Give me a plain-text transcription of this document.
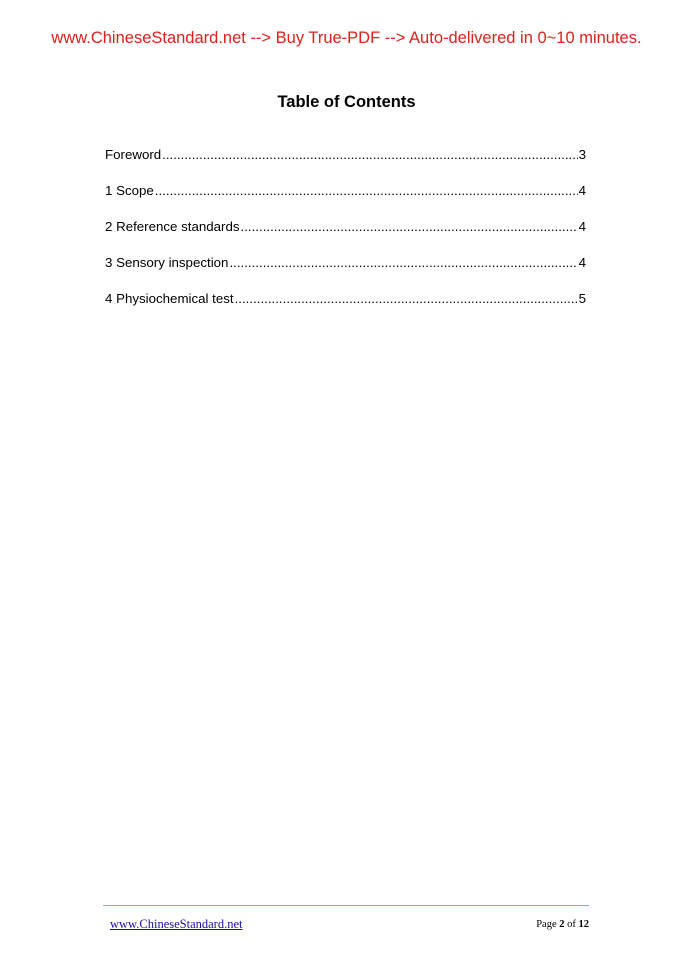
www.ChineseStandard.net --> Buy True-PDF --> Auto-delivered in 0~10 minutes.
Table of Contents
Foreword .....	3
1 Scope .....	4
2 Reference standards .....	4
3 Sensory inspection .....	4
4 Physiochemical test .....	5
www.ChineseStandard.net	Page 2 of 12
